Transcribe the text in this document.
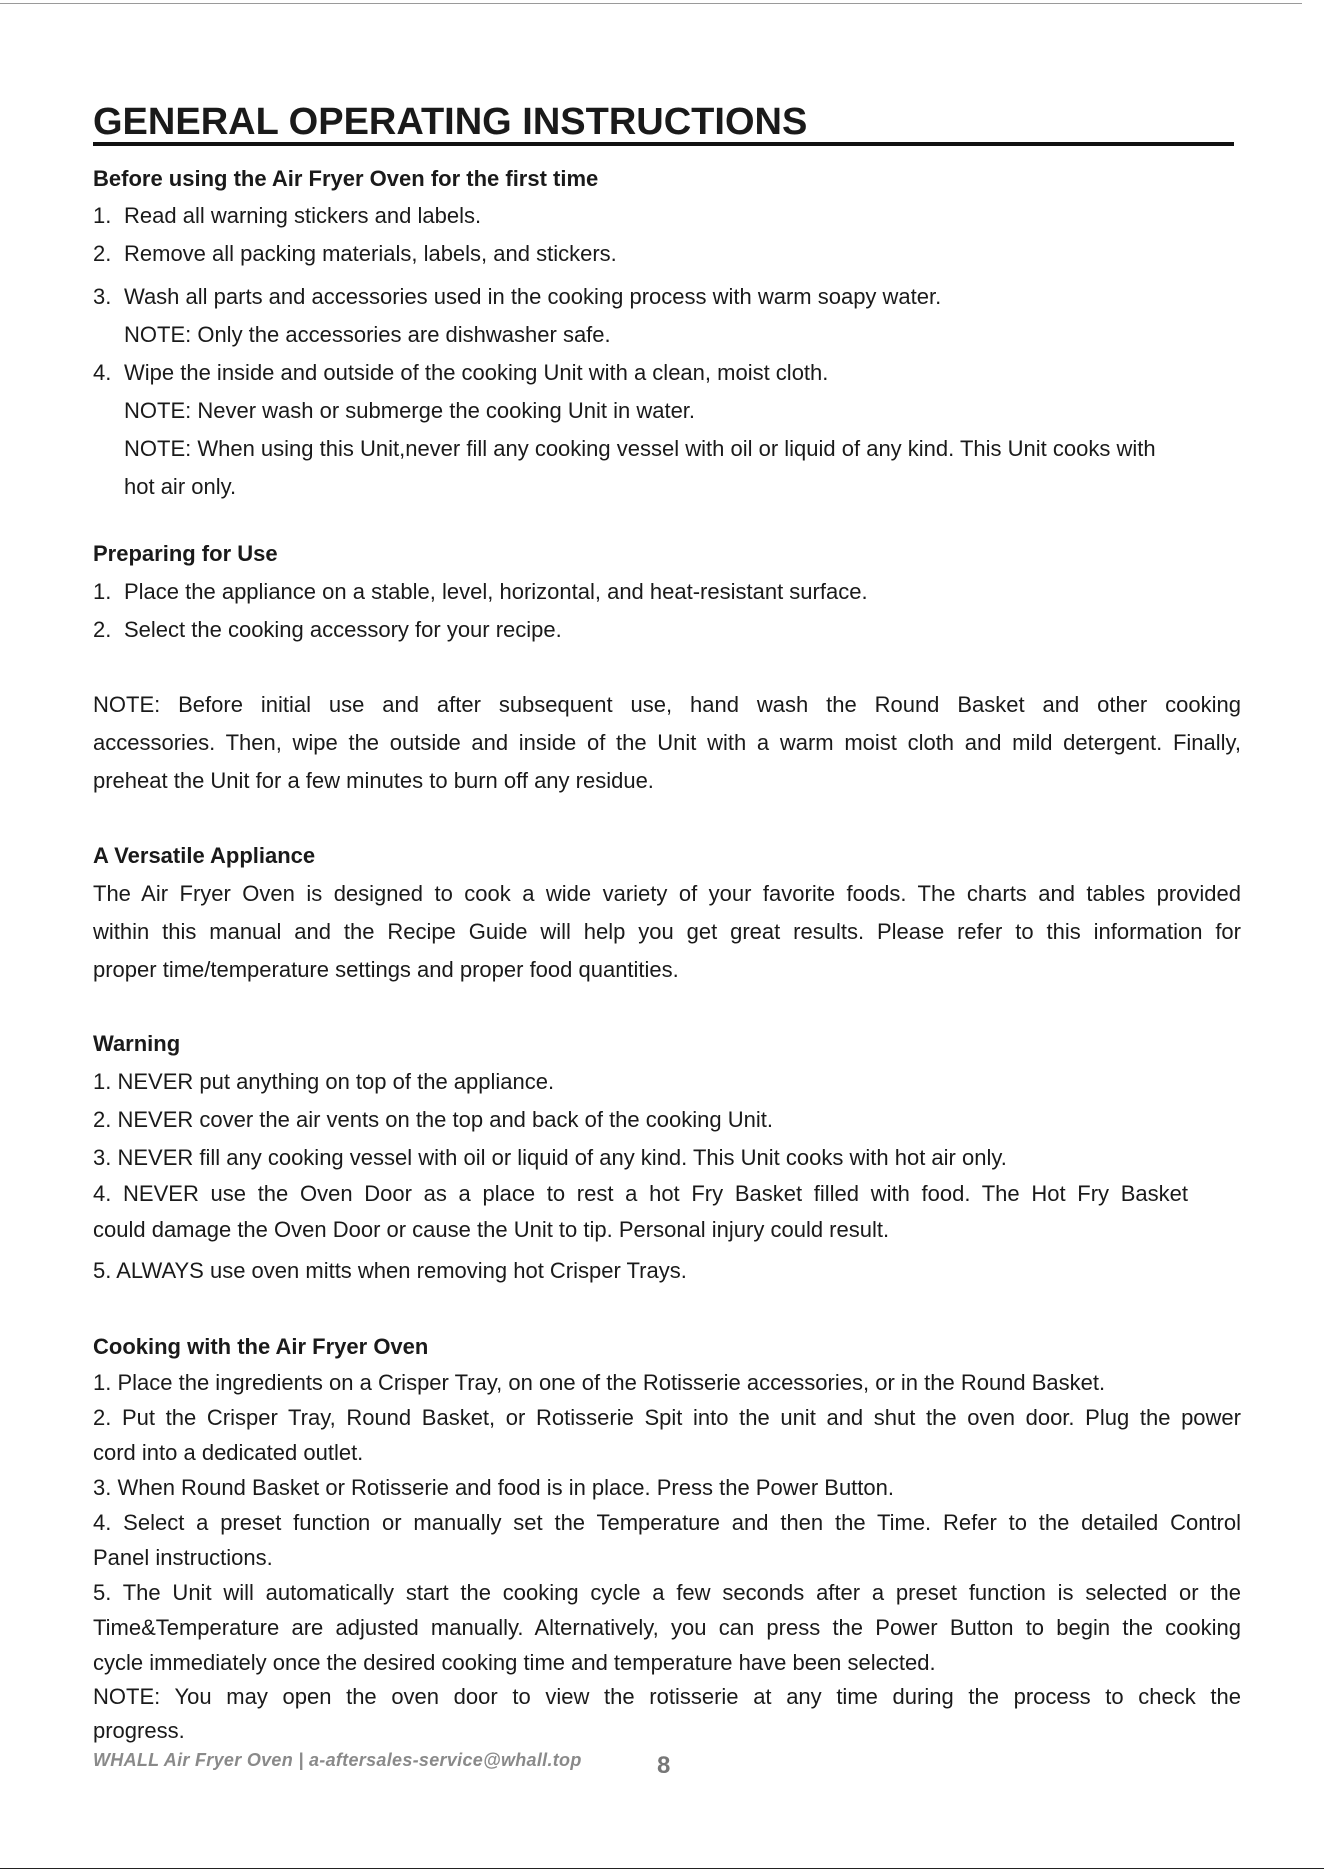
GENERAL OPERATING INSTRUCTIONS
Before using the Air Fryer Oven for the first time
1. Read all warning stickers and labels.
2. Remove all packing materials, labels, and stickers.
3. Wash all parts and accessories used in the cooking process with warm soapy water.
NOTE: Only the accessories are dishwasher safe.
4. Wipe the inside and outside of the cooking Unit with a clean, moist cloth.
NOTE: Never wash or submerge the cooking Unit in water.
NOTE: When using this Unit,never fill any cooking vessel with oil or liquid of any kind. This Unit cooks with
hot air only.
Preparing for Use
1. Place the appliance on a stable, level, horizontal, and heat-resistant surface.
2. Select the cooking accessory for your recipe.
NOTE: Before initial use and after subsequent use, hand wash the Round Basket and other cooking
accessories. Then, wipe the outside and inside of the Unit with a warm moist cloth and mild detergent. Finally,
preheat the Unit for a few minutes to burn off any residue.
A Versatile Appliance
The Air Fryer Oven is designed to cook a wide variety of your favorite foods. The charts and tables provided
within this manual and the Recipe Guide will help you get great results. Please refer to this information for
proper time/temperature settings and proper food quantities.
Warning
1. NEVER put anything on top of the appliance.
2. NEVER cover the air vents on the top and back of the cooking Unit.
3. NEVER fill any cooking vessel with oil or liquid of any kind. This Unit cooks with hot air only.
4. NEVER use the Oven Door as a place to rest a hot Fry Basket filled with food. The Hot Fry Basket
could damage the Oven Door or cause the Unit to tip. Personal injury could result.
5. ALWAYS use oven mitts when removing hot Crisper Trays.
Cooking with the Air Fryer Oven
1. Place the ingredients on a Crisper Tray, on one of the Rotisserie accessories, or in the Round Basket.
2. Put the Crisper Tray, Round Basket, or Rotisserie Spit into the unit and shut the oven door. Plug the power
cord into a dedicated outlet.
3. When Round Basket or Rotisserie and food is in place. Press the Power Button.
4. Select a preset function or manually set the Temperature and then the Time. Refer to the detailed Control
Panel instructions.
5. The Unit will automatically start the cooking cycle a few seconds after a preset function is selected or the
Time&Temperature are adjusted manually. Alternatively, you can press the Power Button to begin the cooking
cycle immediately once the desired cooking time and temperature have been selected.
NOTE: You may open the oven door to view the rotisserie at any time during the process to check the
progress.
WHALL Air Fryer Oven | a-aftersales-service@whall.top	8
